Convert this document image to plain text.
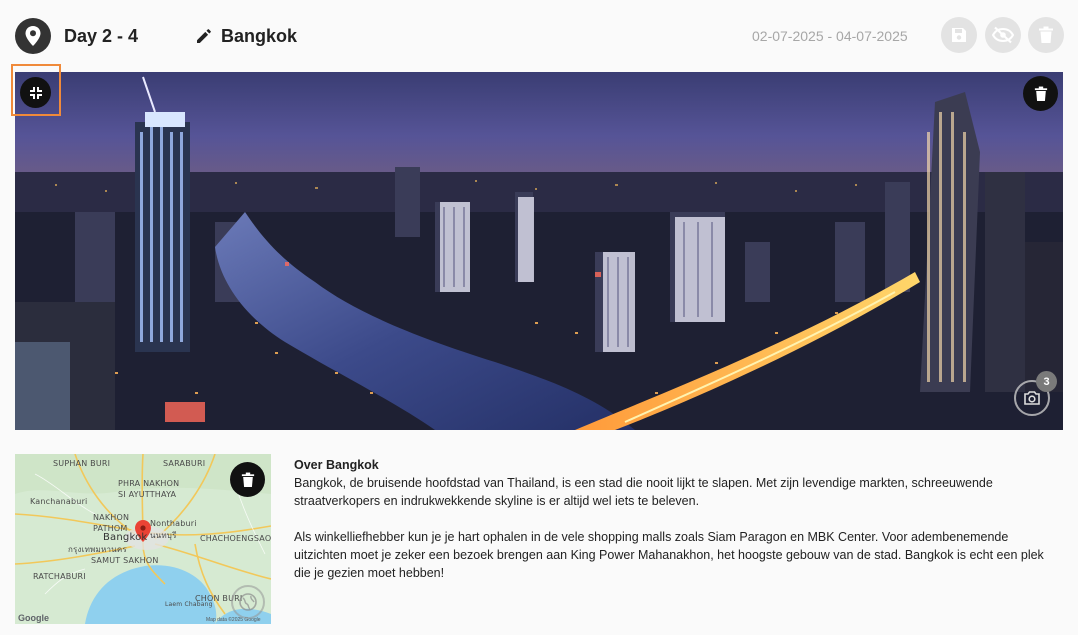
Day 2 - 4	Bangkok	02-07-2025 - 04-07-2025
3
SUPHAN BURI	SARABURI
PHRA NAKHON
SI AYUTTHAYA
Kanchanaburi
NAKHON
PATHOM
Nonthaburi
นนทบุรี
Bangkok
กรุงเทพมหานคร
CHACHOENGSAO
SAMUT SAKHON
RATCHABURI
CHON BURI
Laem Chabang
Google	Map data ©2025 Google
Over Bangkok

Bangkok, de bruisende hoofdstad van Thailand, is een stad die nooit lijkt te slapen. Met zijn levendige markten, schreeuwende straatverkopers en indrukwekkende skyline is er altijd wel iets te beleven.

Als winkelliefhebber kun je je hart ophalen in de vele shopping malls zoals Siam Paragon en MBK Center. Voor adembenemende uitzichten moet je zeker een bezoek brengen aan King Power Mahanakhon, het hoogste gebouw van de stad. Bangkok is echt een plek die je gezien moet hebben!
